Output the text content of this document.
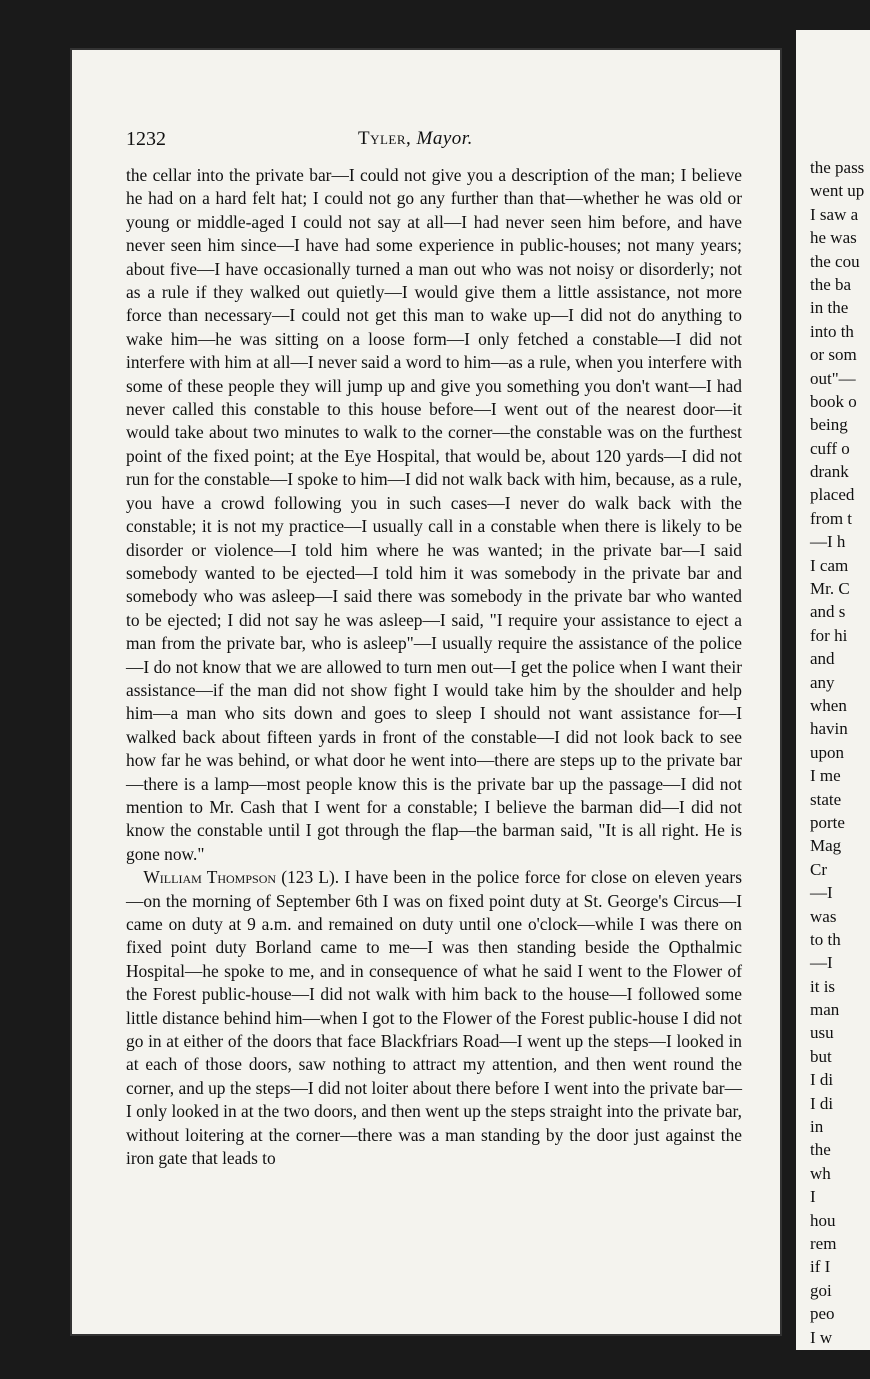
1232	Tyler, Mayor.

the cellar into the private bar—I could not give you a description of the man; I believe he had on a hard felt hat; I could not go any further than that—whether he was old or young or middle-aged I could not say at all—I had never seen him before, and have never seen him since—I have had some experience in public-houses; not many years; about five—I have occasionally turned a man out who was not noisy or disorderly; not as a rule if they walked out quietly—I would give them a little assistance, not more force than necessary—I could not get this man to wake up—I did not do anything to wake him—he was sitting on a loose form—I only fetched a constable—I did not interfere with him at all—I never said a word to him—as a rule, when you interfere with some of these people they will jump up and give you something you don't want—I had never called this constable to this house before—I went out of the nearest door—it would take about two minutes to walk to the corner—the constable was on the furthest point of the fixed point; at the Eye Hospital, that would be, about 120 yards—I did not run for the constable—I spoke to him—I did not walk back with him, because, as a rule, you have a crowd following you in such cases—I never do walk back with the constable; it is not my practice—I usually call in a constable when there is likely to be disorder or violence—I told him where he was wanted; in the private bar—I said somebody wanted to be ejected—I told him it was somebody in the private bar and somebody who was asleep—I said there was somebody in the private bar who wanted to be ejected; I did not say he was asleep—I said, "I require your assistance to eject a man from the private bar, who is asleep"—I usually require the assistance of the police—I do not know that we are allowed to turn men out—I get the police when I want their assistance—if the man did not show fight I would take him by the shoulder and help him—a man who sits down and goes to sleep I should not want assistance for—I walked back about fifteen yards in front of the constable—I did not look back to see how far he was behind, or what door he went into—there are steps up to the private bar—there is a lamp—most people know this is the private bar up the passage—I did not mention to Mr. Cash that I went for a constable; I believe the barman did—I did not know the constable until I got through the flap—the barman said, "It is all right. He is gone now."

 William Thompson (123 L). I have been in the police force for close on eleven years—on the morning of September 6th I was on fixed point duty at St. George's Circus—I came on duty at 9 a.m. and remained on duty until one o'clock—while I was there on fixed point duty Borland came to me—I was then standing beside the Opthalmic Hospital—he spoke to me, and in consequence of what he said I went to the Flower of the Forest public-house—I did not walk with him back to the house—I followed some little distance behind him—when I got to the Flower of the Forest public-house I did not go in at either of the doors that face Blackfriars Road—I went up the steps—I looked in at each of those doors, saw nothing to attract my attention, and then went round the corner, and up the steps—I did not loiter about there before I went into the private bar—I only looked in at the two doors, and then went up the steps straight into the private bar, without loitering at the corner—there was a man standing by the door just against the iron gate that leads to

the pass
went up
I saw a
he was
the cou
the ba
in the
into th
or som
out"—
book o
being
cuff o
drank
placed
from t
—I h
I cam
Mr. C
and s
for hi
and
any
when
havin
upon
I me
state
porte
Mag
Cr
—I
was
to th
—I
it is
man
usu
but
I di
I di
in
the
wh
I
hou
rem
if I
goi
peo
I w
